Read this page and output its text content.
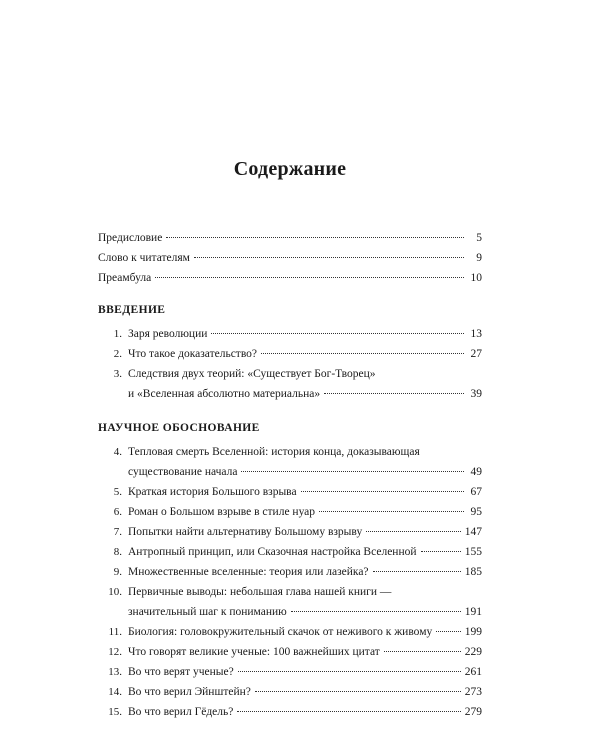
Содержание
Предисловие	5
Слово к читателям	9
Преамбула	10
ВВЕДЕНИЕ
1. Заря революции	13
2. Что такое доказательство?	27
3. Следствия двух теорий: «Существует Бог-Творец»
и «Вселенная абсолютно материальна»	39
НАУЧНОЕ ОБОСНОВАНИЕ
4. Тепловая смерть Вселенной: история конца, доказывающая
существование начала	49
5. Краткая история Большого взрыва	67
6. Роман о Большом взрыве в стиле нуар	95
7. Попытки найти альтернативу Большому взрыву	147
8. Антропный принцип, или Сказочная настройка Вселенной	155
9. Множественные вселенные: теория или лазейка?	185
10. Первичные выводы: небольшая глава нашей книги —
значительный шаг к пониманию	191
11. Биология: головокружительный скачок от неживого к живому	199
12. Что говорят великие ученые: 100 важнейших цитат	229
13. Во что верят ученые?	261
14. Во что верил Эйнштейн?	273
15. Во что верил Гёдель?	279
